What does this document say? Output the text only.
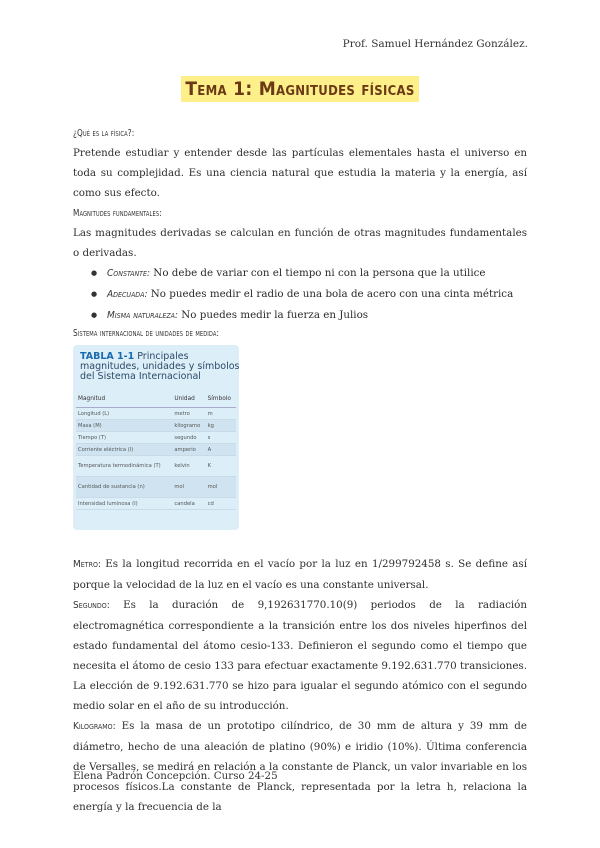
Prof. Samuel Hernández González.
Tema 1: Magnitudes físicas
¿Qué es la física?:
Pretende estudiar y entender desde las partículas elementales hasta el universo en toda su complejidad. Es una ciencia natural que estudia la materia y la energía, así como sus efecto.
Magnitudes fundamentales:
Las magnitudes derivadas se calculan en función de otras magnitudes fundamentales o derivadas.
● Constante: No debe de variar con el tiempo ni con la persona que la utilice
● Adecuada: No puedes medir el radio de una bola de acero con una cinta métrica
● Misma naturaleza: No puedes medir la fuerza en Julios
Sistema internacional de unidades de medida:
TABLA 1-1 Principales magnitudes, unidades y símbolos del Sistema Internacional
Magnitud	Unidad	Símbolo
Longitud (L)	metro	m
Masa (M)	kilogramo	kg
Tiempo (T)	segundo	s
Corriente eléctrica (I)	amperio	A
Temperatura termodinámica (T)	kelvin	K
Cantidad de sustancia (n)	mol	mol
Intensidad luminosa (I)	candela	cd
Metro: Es la longitud recorrida en el vacío por la luz en 1/299792458 s. Se define así porque la velocidad de la luz en el vacío es una constante universal.
Segundo: Es la duración de 9,192631770.10(9) periodos de la radiación electromagnética correspondiente a la transición entre los dos niveles hiperfinos del estado fundamental del átomo cesio-133. Definieron el segundo como el tiempo que necesita el átomo de cesio 133 para efectuar exactamente 9.192.631.770 transiciones. La elección de 9.192.631.770 se hizo para igualar el segundo atómico con el segundo medio solar en el año de su introducción.
Kilogramo: Es la masa de un prototipo cilíndrico, de 30 mm de altura y 39 mm de diámetro, hecho de una aleación de platino (90%) e iridio (10%). Última conferencia de Versalles, se medirá en relación a la constante de Planck, un valor invariable en los procesos físicos.La constante de Planck, representada por la letra h, relaciona la energía y la frecuencia de la
Elena Padrón Concepción. Curso 24-25
